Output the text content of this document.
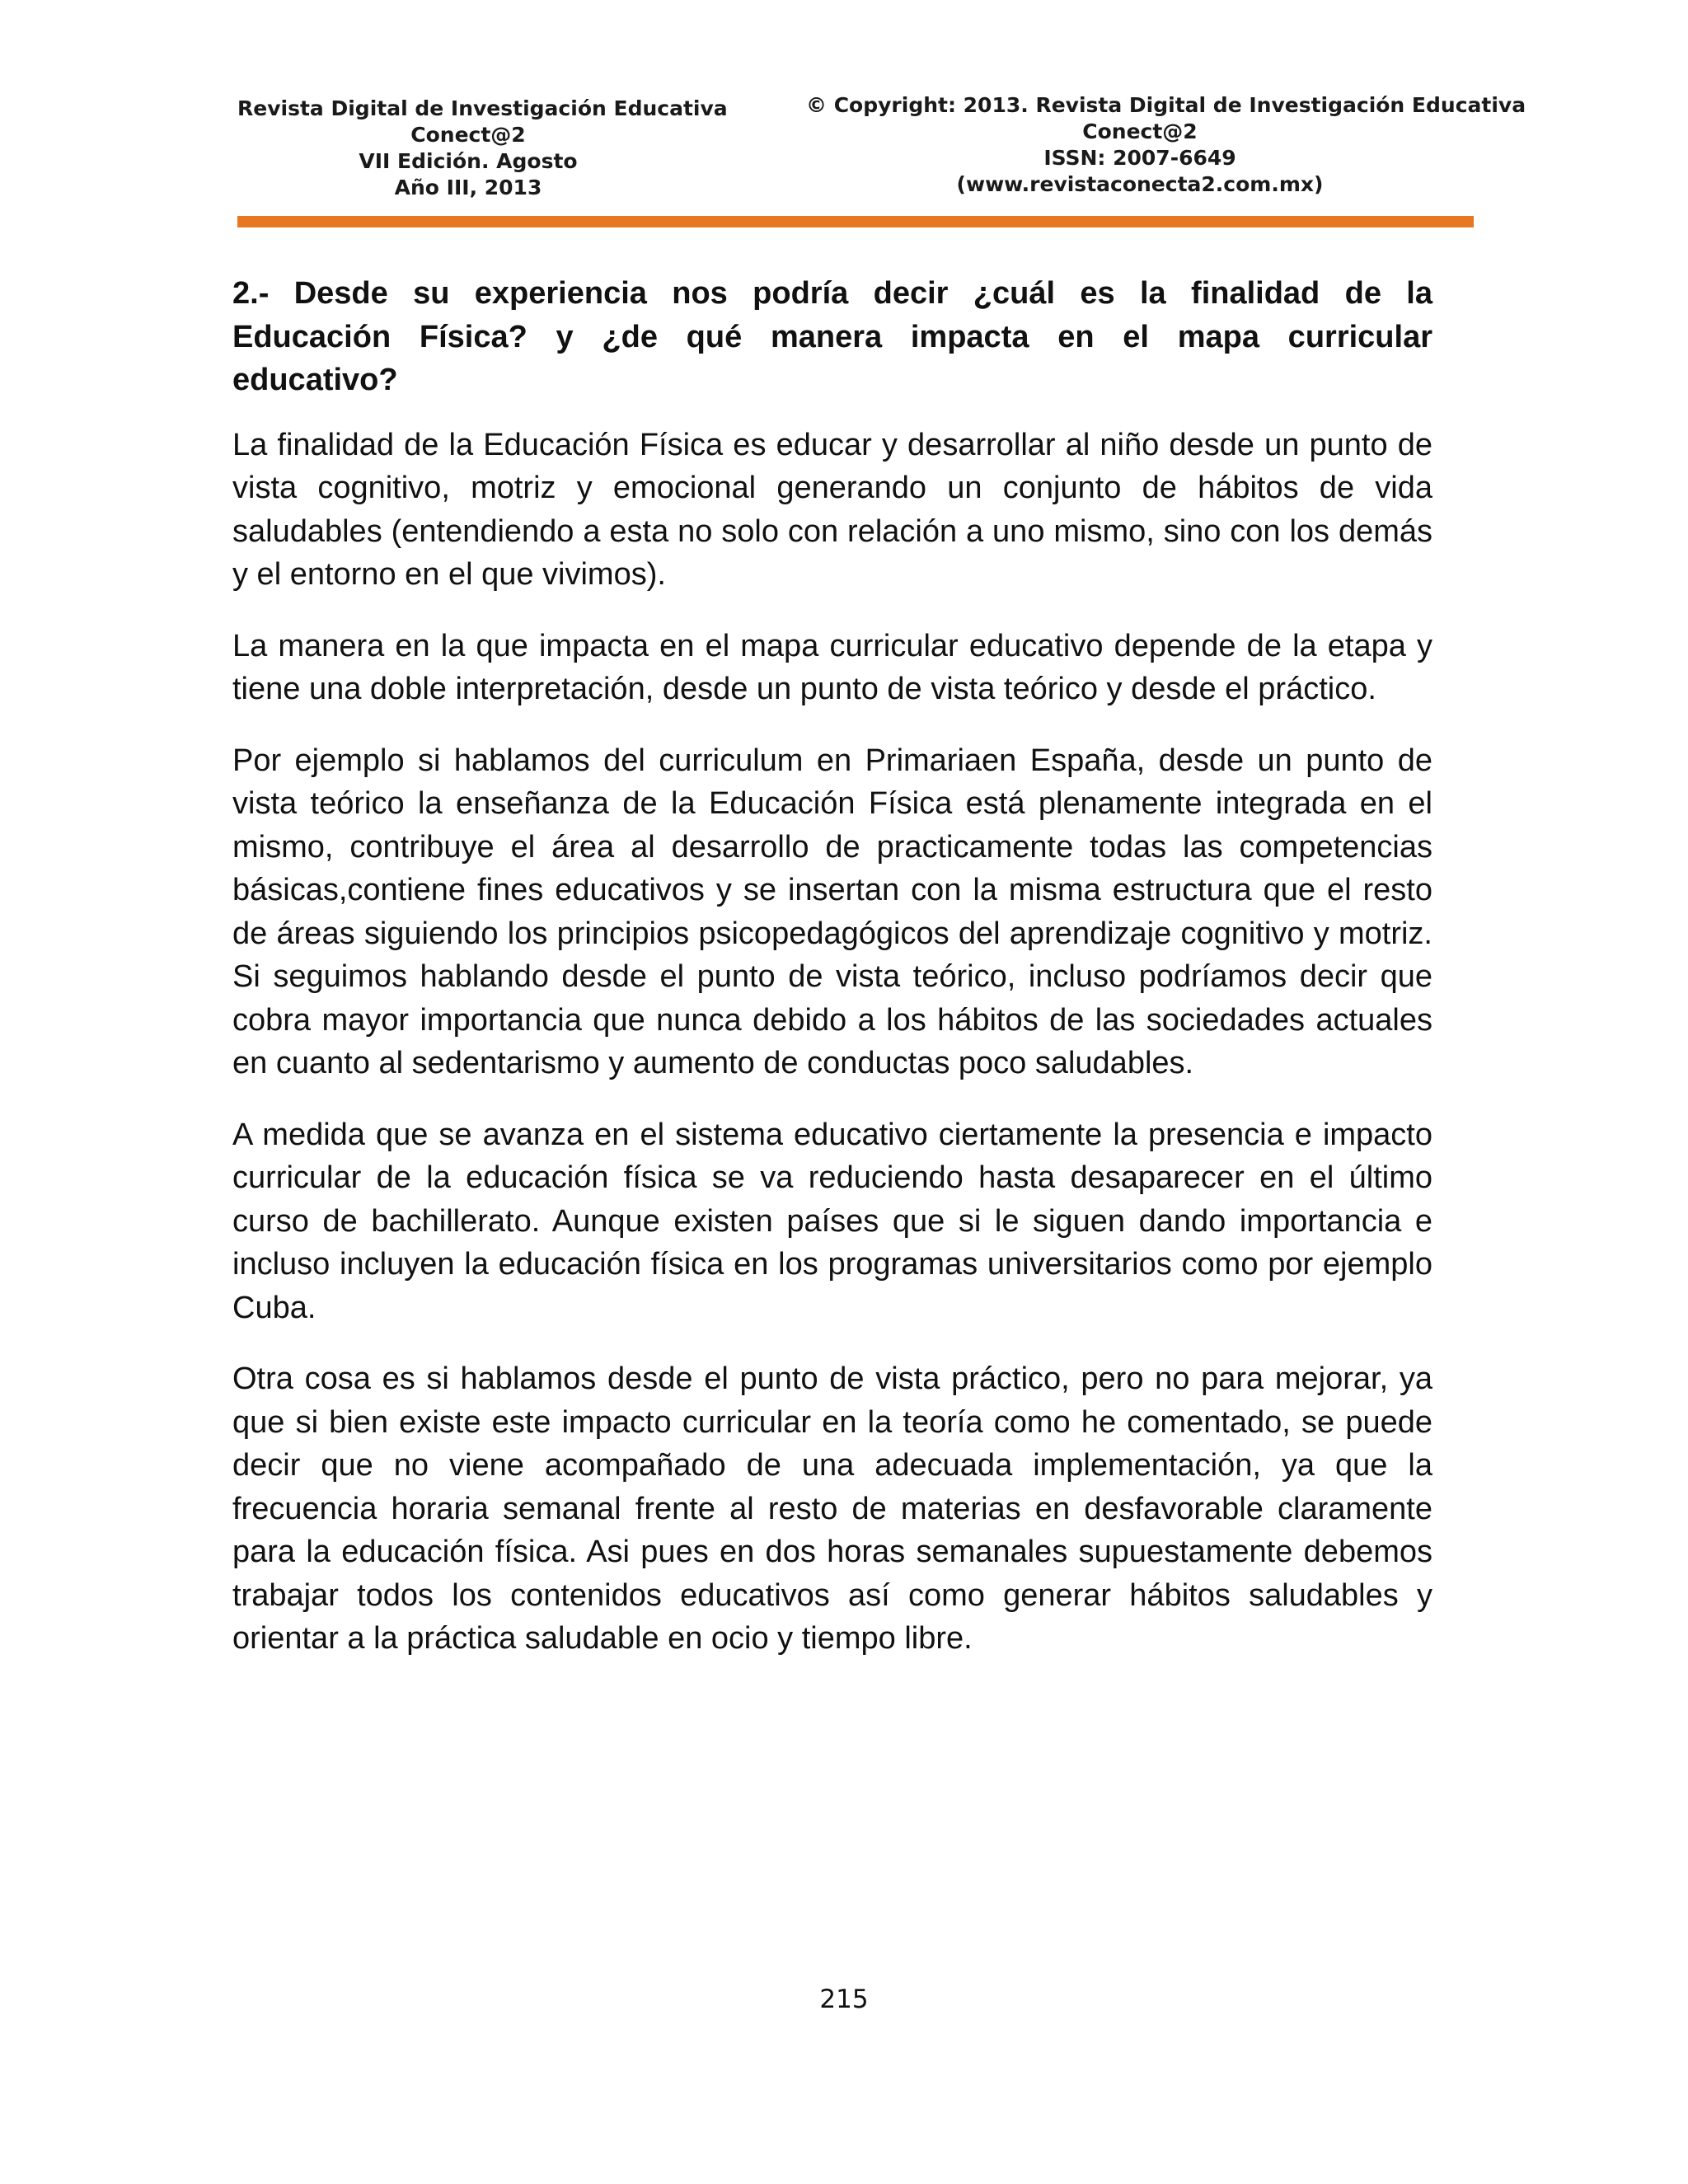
Revista Digital de Investigación Educativa
Conect@2
VII Edición. Agosto
Año III, 2013
© Copyright: 2013. Revista Digital de Investigación Educativa
Conect@2
ISSN: 2007-6649
(www.revistaconecta2.com.mx)

2.- Desde su experiencia nos podría decir ¿cuál es la finalidad de la Educación Física? y ¿de qué manera impacta en el mapa curricular educativo?

La finalidad de la Educación Física es educar y desarrollar al niño desde un punto de vista cognitivo, motriz y emocional generando un conjunto de hábitos de vida saludables (entendiendo a esta no solo con relación a uno mismo, sino con los demás y el entorno en el que vivimos).

La manera en la que impacta en el mapa curricular educativo depende de la etapa y tiene una doble interpretación, desde un punto de vista teórico y desde el práctico.

Por ejemplo si hablamos del curriculum en Primariaen España, desde un punto de vista teórico la enseñanza de la Educación Física está plenamente integrada en el mismo, contribuye el área al desarrollo de practicamente todas las competencias básicas,contiene fines educativos y se insertan con la misma estructura que el resto de áreas siguiendo los principios psicopedagógicos del aprendizaje cognitivo y motriz. Si seguimos hablando desde el punto de vista teórico, incluso podríamos decir que cobra mayor importancia que nunca debido a los hábitos de las sociedades actuales en cuanto al sedentarismo y aumento de conductas poco saludables.

A medida que se avanza en el sistema educativo ciertamente la presencia e impacto curricular de la educación física se va reduciendo hasta desaparecer en el último curso de bachillerato. Aunque existen países que si le siguen dando importancia e incluso incluyen la educación física en los programas universitarios como por ejemplo Cuba.

Otra cosa es si hablamos desde el punto de vista práctico, pero no para mejorar, ya que si bien existe este impacto curricular en la teoría como he comentado, se puede decir que no viene acompañado de una adecuada implementación, ya que la frecuencia horaria semanal frente al resto de materias en desfavorable claramente para la educación física. Asi pues en dos horas semanales supuestamente debemos trabajar todos los contenidos educativos así como generar hábitos saludables y orientar a la práctica saludable en ocio y tiempo libre.

215
